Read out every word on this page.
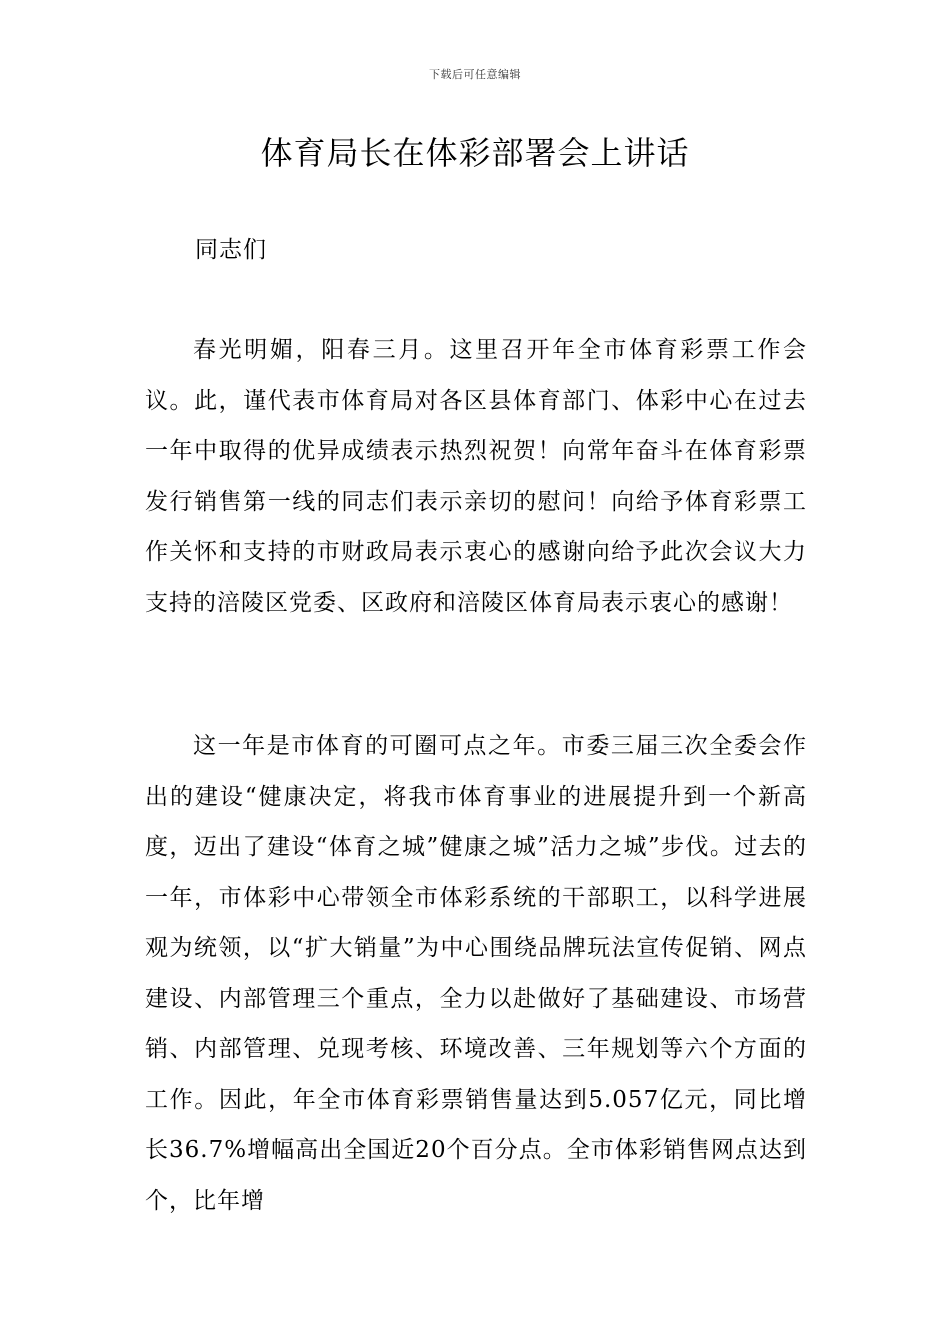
下载后可任意编辑
体育局长在体彩部署会上讲话
同志们

春光明媚，阳春三月。这里召开年全市体育彩票工作会议。此，谨代表市体育局对各区县体育部门、体彩中心在过去一年中取得的优异成绩表示热烈祝贺！向常年奋斗在体育彩票发行销售第一线的同志们表示亲切的慰问！向给予体育彩票工作关怀和支持的市财政局表示衷心的感谢向给予此次会议大力支持的涪陵区党委、区政府和涪陵区体育局表示衷心的感谢！

这一年是市体育的可圈可点之年。市委三届三次全委会作出的建设“健康决定，将我市体育事业的进展提升到一个新高度，迈出了建设“体育之城”健康之城”活力之城”步伐。过去的一年，市体彩中心带领全市体彩系统的干部职工，以科学进展观为统领，以“扩大销量”为中心围绕品牌玩法宣传促销、网点建设、内部管理三个重点，全力以赴做好了基础建设、市场营销、内部管理、兑现考核、环境改善、三年规划等六个方面的工作。因此，年全市体育彩票销售量达到5.057亿元，同比增长36.7%增幅高出全国近20个百分点。全市体彩销售网点达到个，比年增
